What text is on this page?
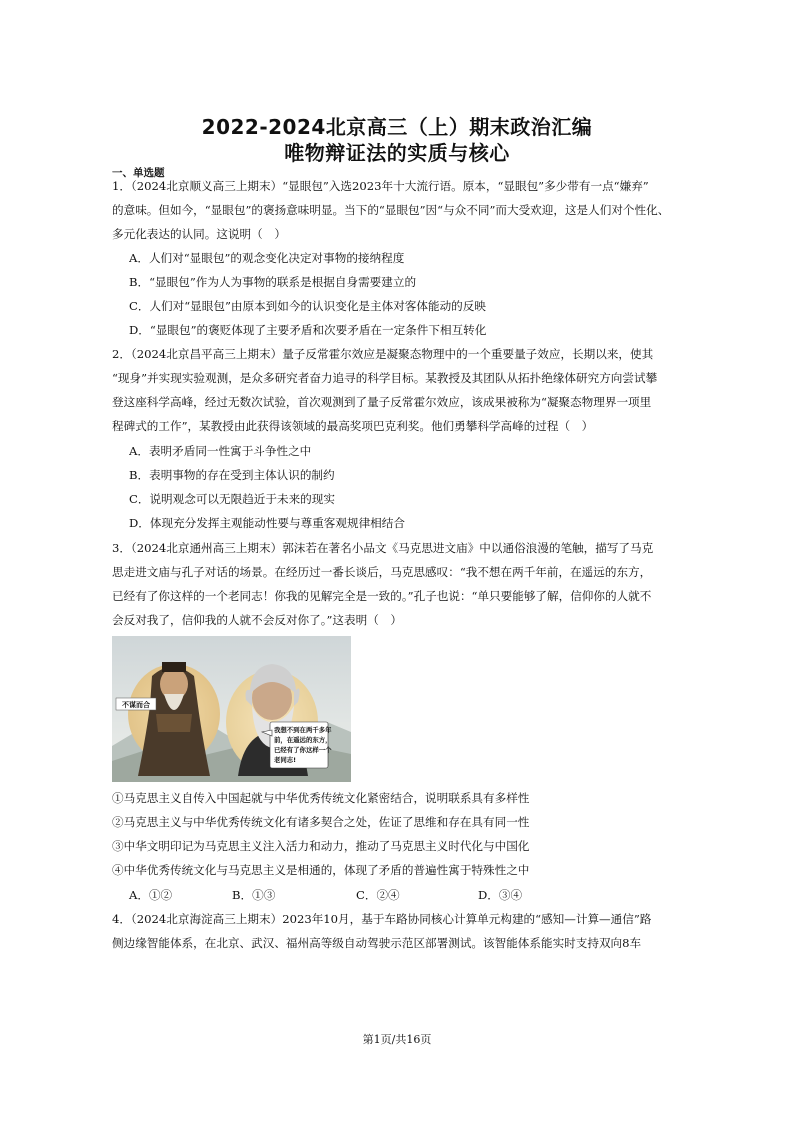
2022-2024北京高三（上）期末政治汇编
唯物辩证法的实质与核心
一、单选题
1．（2024北京顺义高三上期末）“显眼包”入选2023年十大流行语。原本，“显眼包”多少带有一点“嫌弃”
的意味。但如今，“显眼包”的褒扬意味明显。当下的“显眼包”因“与众不同”而大受欢迎，这是人们对个性化、
多元化表达的认同。这说明（　）
A．人们对“显眼包”的观念变化决定对事物的接纳程度
B．“显眼包”作为人为事物的联系是根据自身需要建立的
C．人们对“显眼包”由原本到如今的认识变化是主体对客体能动的反映
D．“显眼包”的褒贬体现了主要矛盾和次要矛盾在一定条件下相互转化
2．（2024北京昌平高三上期末）量子反常霍尔效应是凝聚态物理中的一个重要量子效应，长期以来，使其
“现身”并实现实验观测，是众多研究者奋力追寻的科学目标。某教授及其团队从拓扑绝缘体研究方向尝试攀
登这座科学高峰，经过无数次试验，首次观测到了量子反常霍尔效应，该成果被称为“凝聚态物理界一项里
程碑式的工作”，某教授由此获得该领域的最高奖项巴克利奖。他们勇攀科学高峰的过程（　）
A．表明矛盾同一性寓于斗争性之中
B．表明事物的存在受到主体认识的制约
C．说明观念可以无限趋近于未来的现实
D．体现充分发挥主观能动性要与尊重客观规律相结合
3．（2024北京通州高三上期末）郭沫若在著名小品文《马克思进文庙》中以通俗浪漫的笔触，描写了马克
思走进文庙与孔子对话的场景。在经历过一番长谈后，马克思感叹：“我不想在两千年前，在遥远的东方，
已经有了你这样的一个老同志！你我的见解完全是一致的。”孔子也说：“单只要能够了解，信仰你的人就不
会反对我了，信仰我的人就不会反对你了。”这表明（　）
不谋而合
我想不到在两千多年
前，在遥远的东方，
已经有了你这样一个
老同志!
①马克思主义自传入中国起就与中华优秀传统文化紧密结合，说明联系具有多样性
②马克思主义与中华优秀传统文化有诸多契合之处，佐证了思维和存在具有同一性
③中华文明印记为马克思主义注入活力和动力，推动了马克思主义时代化与中国化
④中华优秀传统文化与马克思主义是相通的，体现了矛盾的普遍性寓于特殊性之中
A．①②	B．①③	C．②④	D．③④
4．（2024北京海淀高三上期末）2023年10月，基于车路协同核心计算单元构建的“感知—计算—通信”路
侧边缘智能体系，在北京、武汉、福州高等级自动驾驶示范区部署测试。该智能体系能实时支持双向8车
第1页/共16页
